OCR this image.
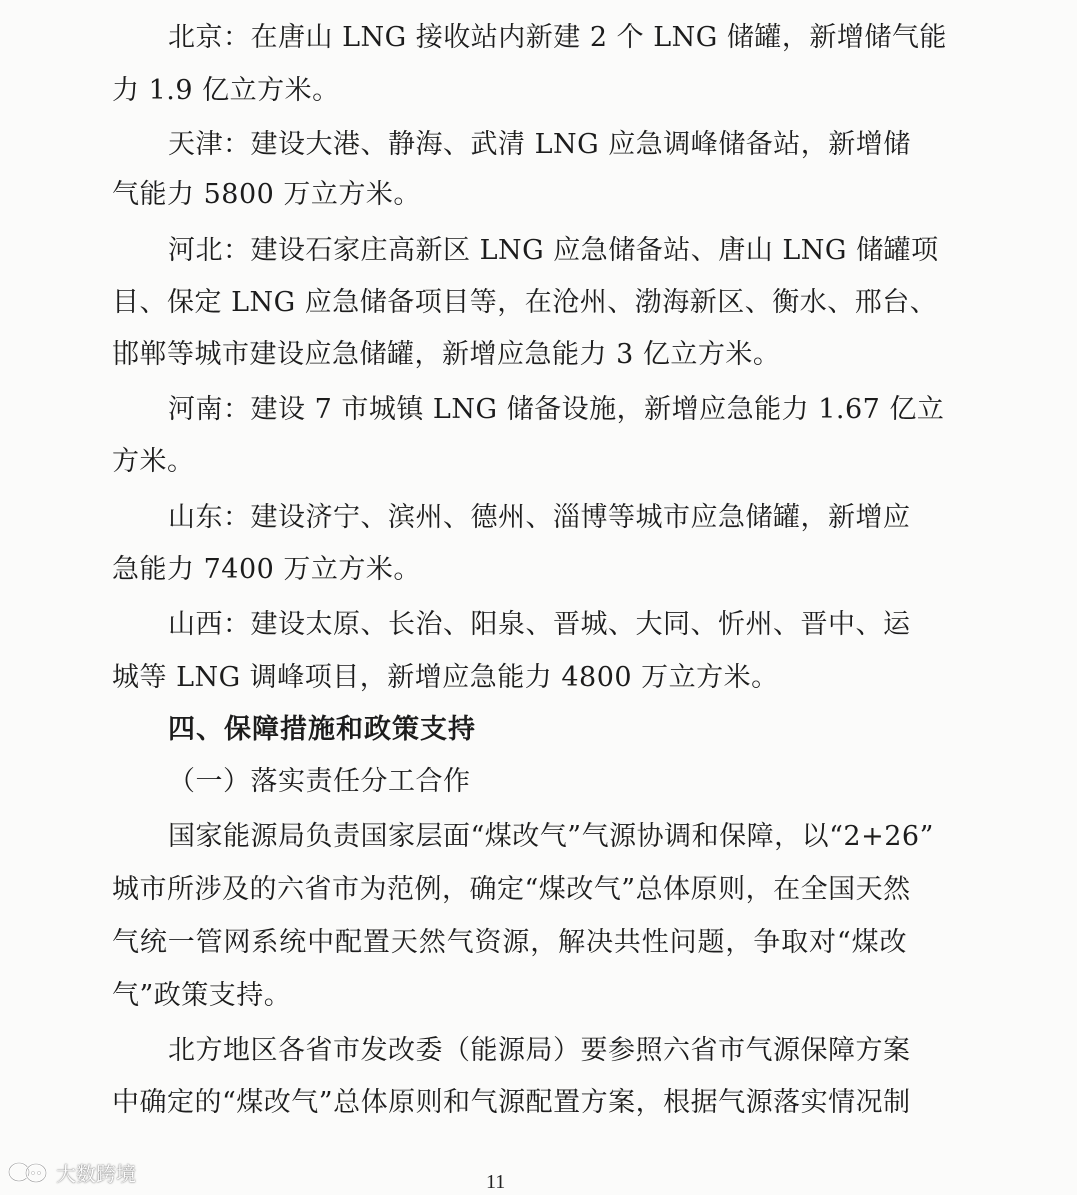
北京：在唐山 LNG 接收站内新建 2 个 LNG 储罐，新增储气能
力 1.9 亿立方米。
天津：建设大港、静海、武清 LNG 应急调峰储备站，新增储
气能力 5800 万立方米。
河北：建设石家庄高新区 LNG 应急储备站、唐山 LNG 储罐项
目、保定 LNG 应急储备项目等，在沧州、渤海新区、衡水、邢台、
邯郸等城市建设应急储罐，新增应急能力 3 亿立方米。
河南：建设 7 市城镇 LNG 储备设施，新增应急能力 1.67 亿立
方米。
山东：建设济宁、滨州、德州、淄博等城市应急储罐，新增应
急能力 7400 万立方米。
山西：建设太原、长治、阳泉、晋城、大同、忻州、晋中、运
城等 LNG 调峰项目，新增应急能力 4800 万立方米。
四、保障措施和政策支持
（一）落实责任分工合作
国家能源局负责国家层面“煤改气”气源协调和保障，以“2+26”
城市所涉及的六省市为范例，确定“煤改气”总体原则，在全国天然
气统一管网系统中配置天然气资源，解决共性问题，争取对“煤改
气”政策支持。
北方地区各省市发改委（能源局）要参照六省市气源保障方案
中确定的“煤改气”总体原则和气源配置方案，根据气源落实情况制
11
大数跨境
